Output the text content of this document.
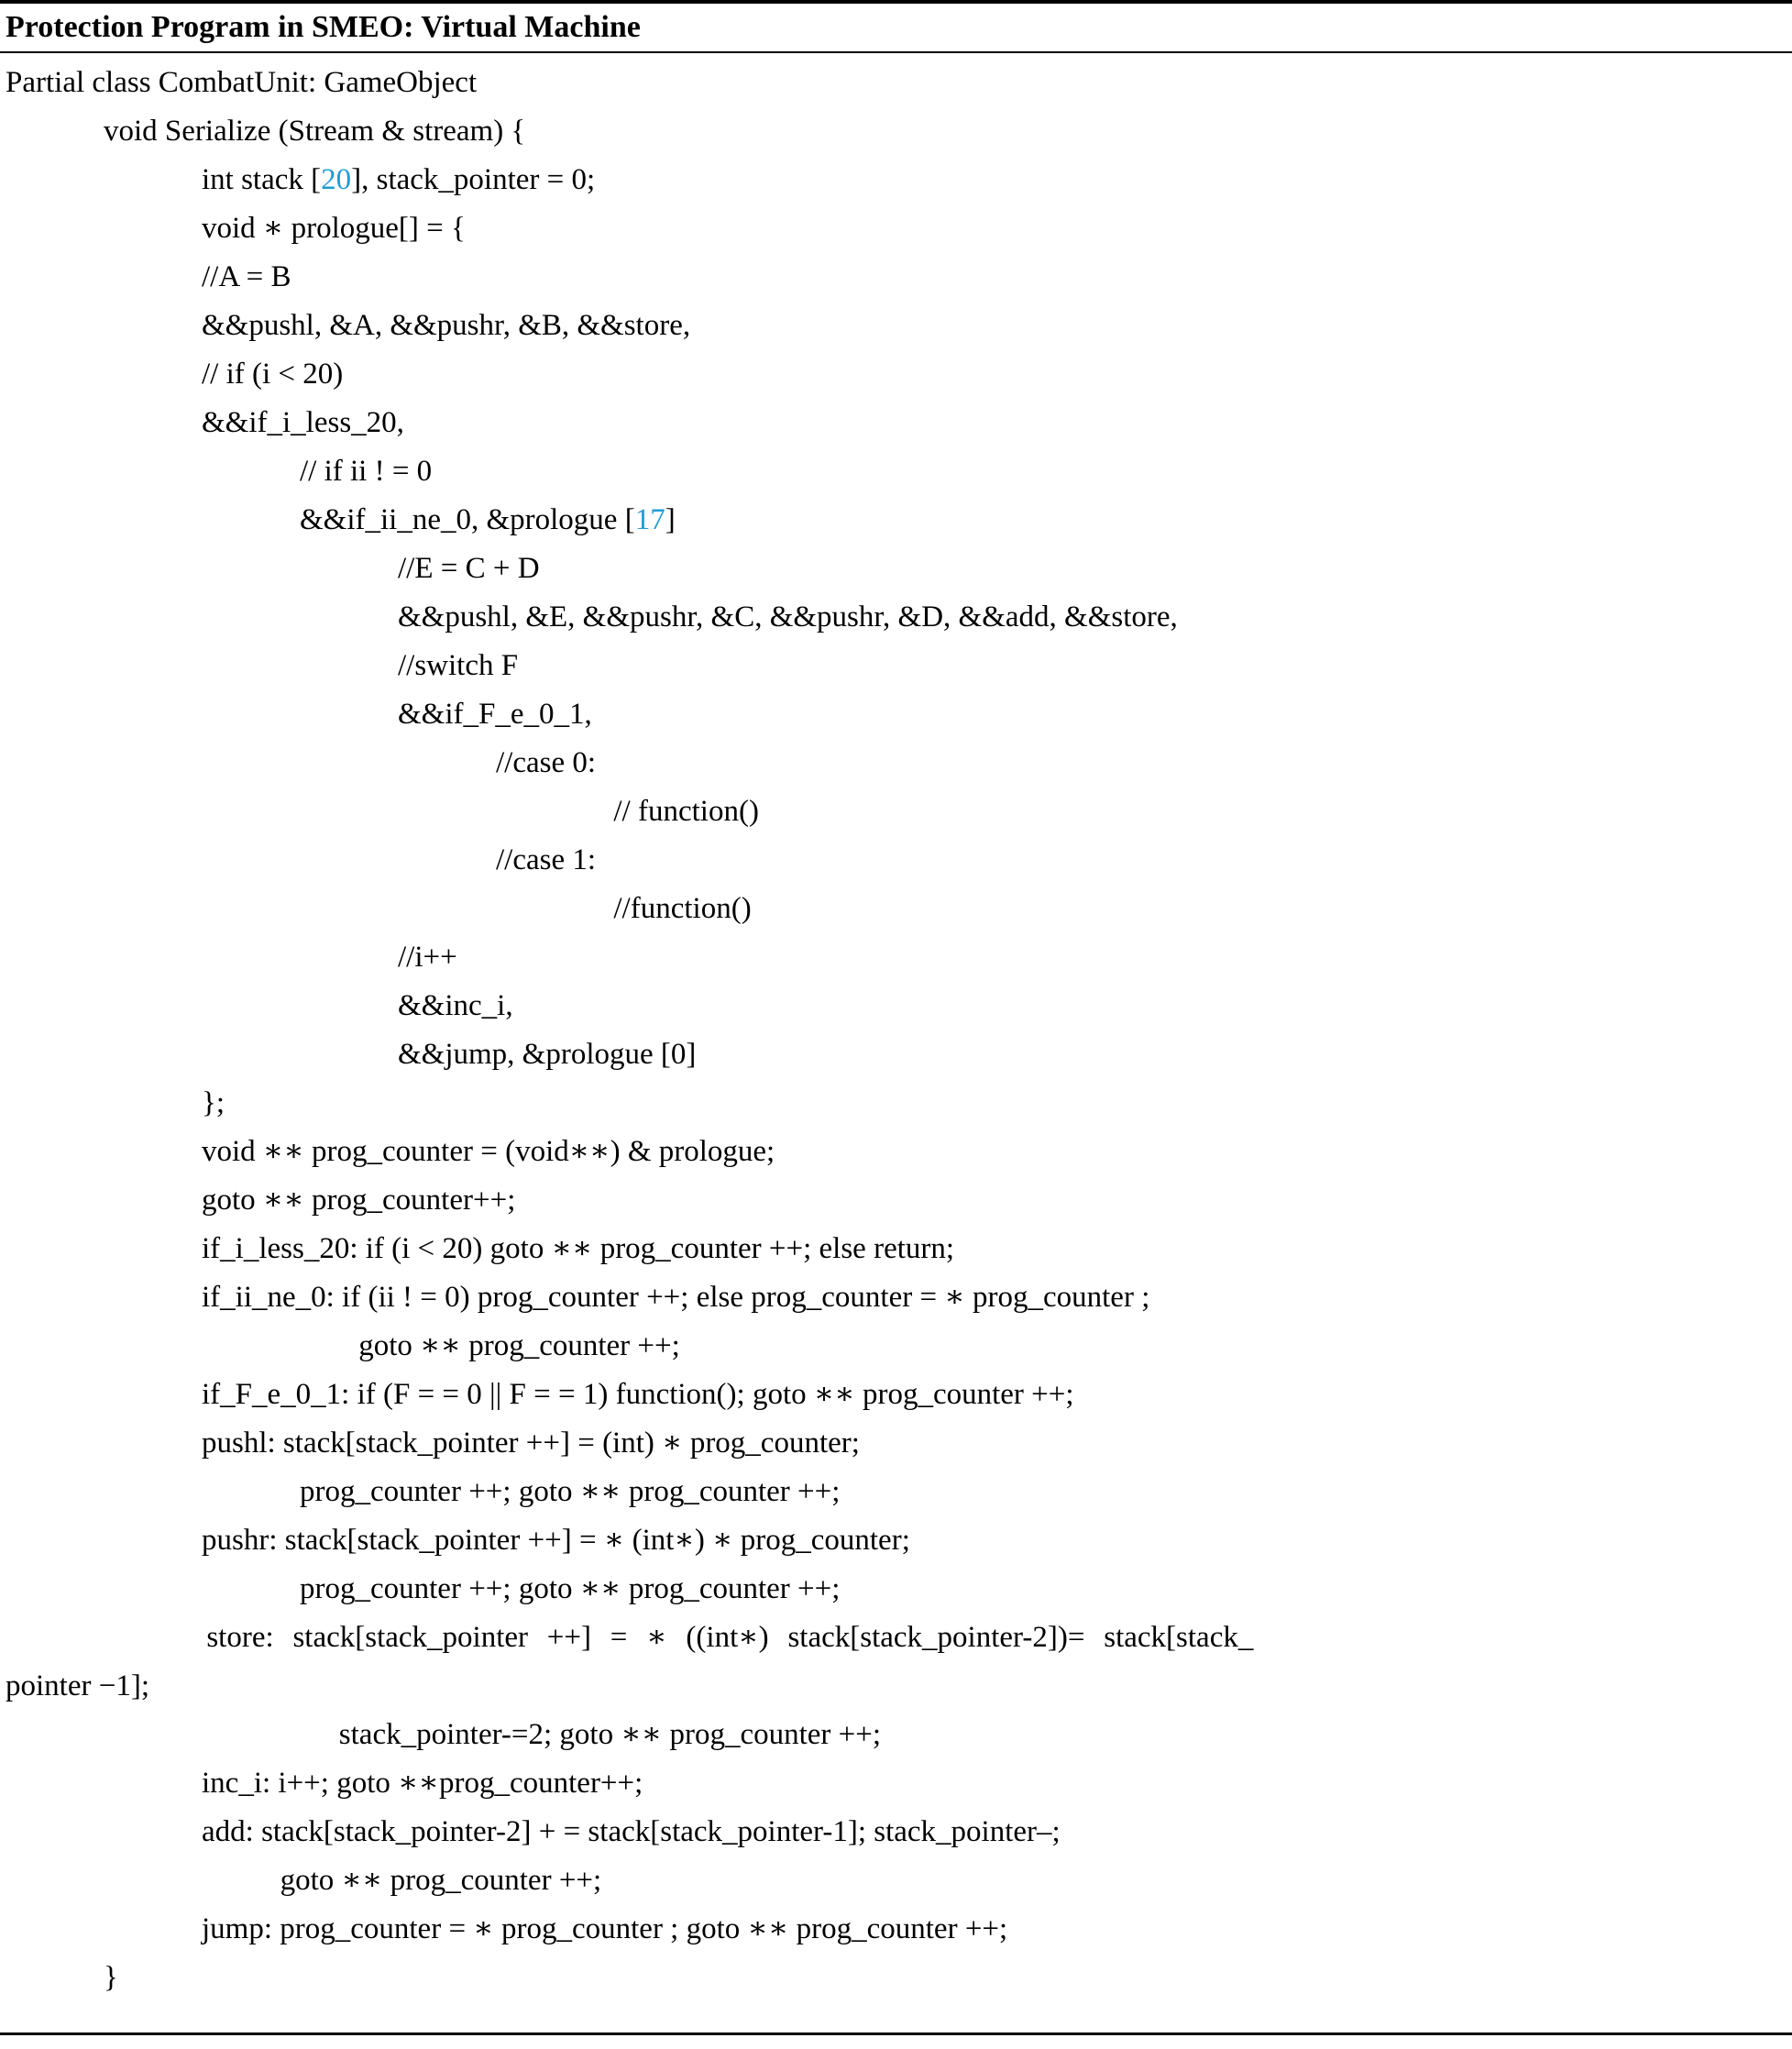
Protection Program in SMEO: Virtual Machine
Partial class CombatUnit: GameObject
void Serialize (Stream & stream) {
int stack [20], stack_pointer = 0;
void ∗ prologue[] = {
//A = B
&&pushl, &A, &&pushr, &B, &&store,
// if (i < 20)
&&if_i_less_20,
// if ii ! = 0
&&if_ii_ne_0, &prologue [17]
//E = C + D
&&pushl, &E, &&pushr, &C, &&pushr, &D, &&add, &&store,
//switch F
&&if_F_e_0_1,
//case 0:
// function()
//case 1:
//function()
//i++
&&inc_i,
&&jump, &prologue [0]
};
void ∗∗ prog_counter = (void∗∗) & prologue;
goto ∗∗ prog_counter++;
if_i_less_20: if (i < 20) goto ∗∗ prog_counter ++; else return;
if_ii_ne_0: if (ii ! = 0) prog_counter ++; else prog_counter = ∗ prog_counter ;
goto ∗∗ prog_counter ++;
if_F_e_0_1: if (F = = 0 || F = = 1) function(); goto ∗∗ prog_counter ++;
pushl: stack[stack_pointer ++] = (int) ∗ prog_counter;
prog_counter ++; goto ∗∗ prog_counter ++;
pushr: stack[stack_pointer ++] = ∗ (int∗) ∗ prog_counter;
prog_counter ++; goto ∗∗ prog_counter ++;
store: stack[stack_pointer ++] = ∗ ((int∗) stack[stack_pointer-2])= stack[stack_
pointer −1];
stack_pointer-=2; goto ∗∗ prog_counter ++;
inc_i: i++; goto ∗∗prog_counter++;
add: stack[stack_pointer-2] + = stack[stack_pointer-1]; stack_pointer–;
goto ∗∗ prog_counter ++;
jump: prog_counter = ∗ prog_counter ; goto ∗∗ prog_counter ++;
}
